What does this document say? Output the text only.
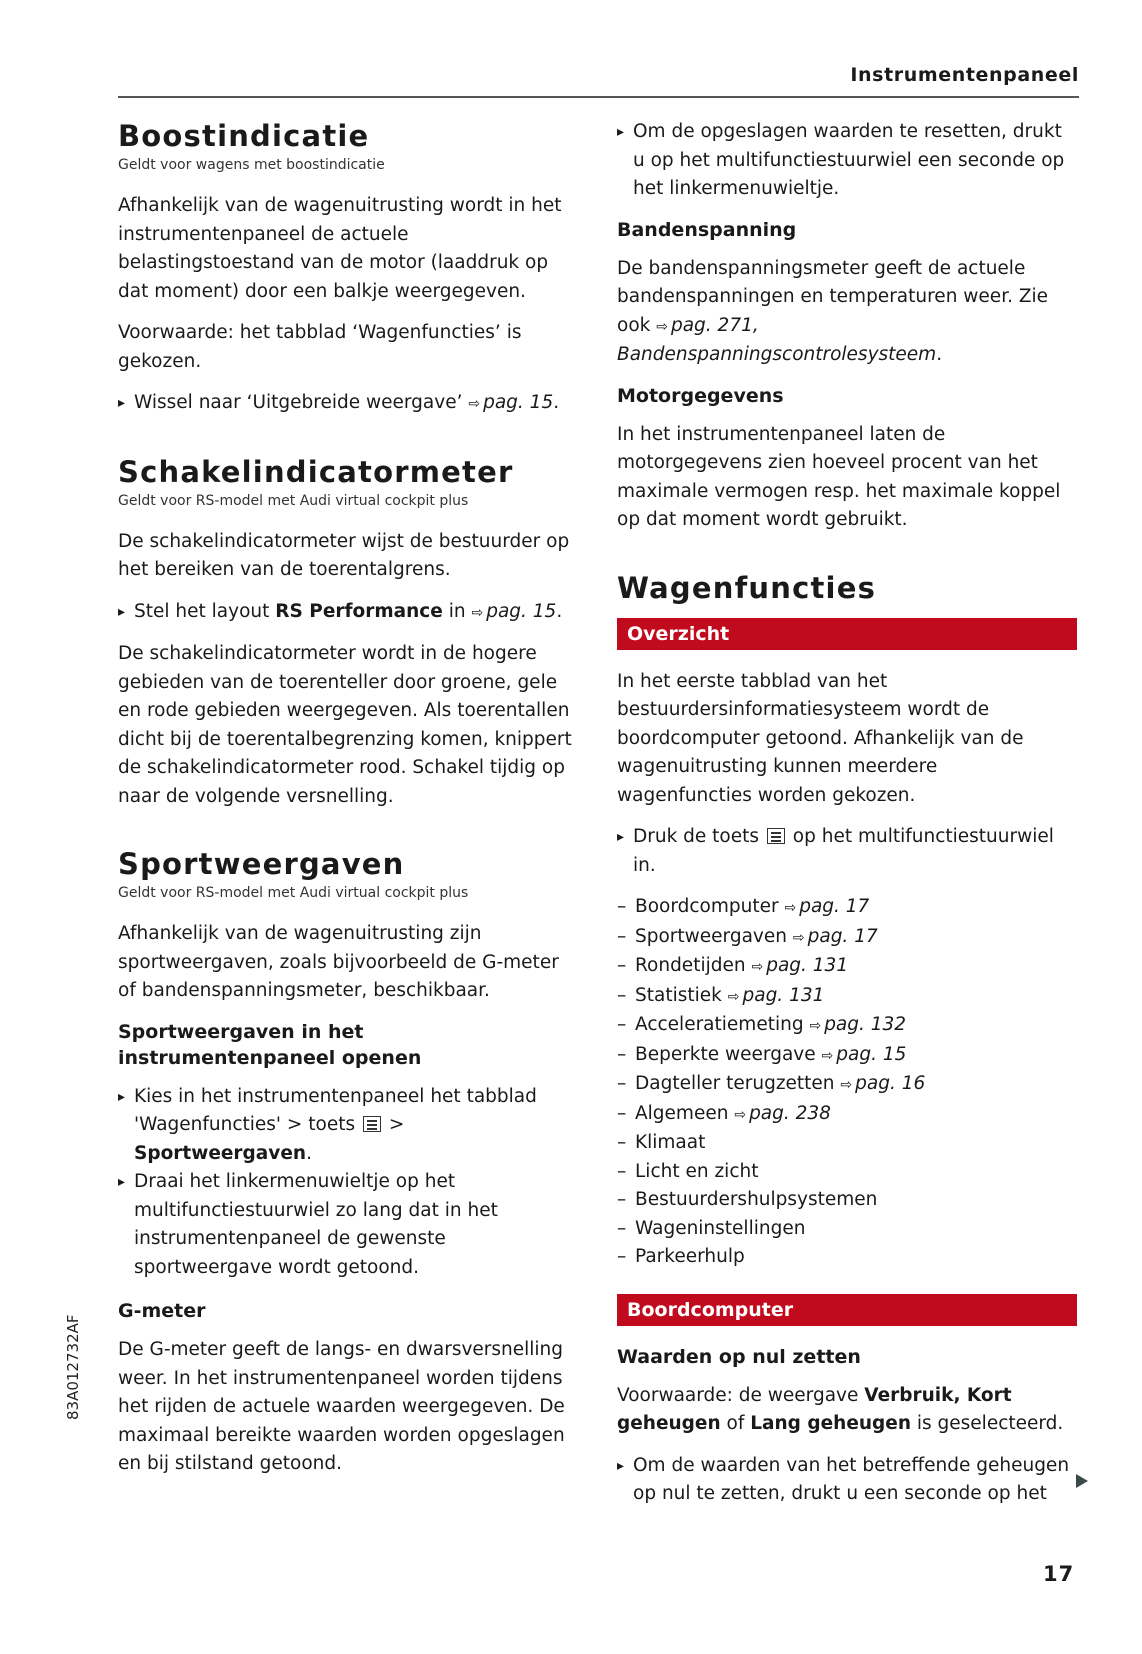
Instrumentenpaneel
Boostindicatie
Geldt voor wagens met boostindicatie

Afhankelijk van de wagenuitrusting wordt in het instrumentenpaneel de actuele belastingstoestand van de motor (laaddruk op dat moment) door een balkje weergegeven.

Voorwaarde: het tabblad ‘Wagenfuncties’ is gekozen.

▸ Wissel naar ‘Uitgebreide weergave’ ⇨ pag. 15.
Schakelindicatormeter
Geldt voor RS-model met Audi virtual cockpit plus

De schakelindicatormeter wijst de bestuurder op het bereiken van de toerentalgrens.

▸ Stel het layout RS Performance in ⇨ pag. 15.

De schakelindicatormeter wordt in de hogere gebieden van de toerenteller door groene, gele en rode gebieden weergegeven. Als toerentallen dicht bij de toerentalbegrenzing komen, knippert de schakelindicatormeter rood. Schakel tijdig op naar de volgende versnelling.

Sportweergaven
Geldt voor RS-model met Audi virtual cockpit plus

Afhankelijk van de wagenuitrusting zijn sportweergaven, zoals bijvoorbeeld de G-meter of bandenspanningsmeter, beschikbaar.

Sportweergaven in het instrumentenpaneel openen
▸ Kies in het instrumentenpaneel het tabblad 'Wagenfuncties' > toets  > Sportweergaven.
▸ Draai het linkermenuwieltje op het multifunctiestuurwiel zo lang dat in het instrumentenpaneel de gewenste sportweergave wordt getoond.
G-meter

De G-meter geeft de langs- en dwarsversnelling weer. In het instrumentenpaneel worden tijdens het rijden de actuele waarden weergegeven. De maximaal bereikte waarden worden opgeslagen en bij stilstand getoond.

▸ Om de opgeslagen waarden te resetten, drukt u op het multifunctiestuurwiel een seconde op het linkermenuwieltje.
Bandenspanning

De bandenspanningsmeter geeft de actuele bandenspanningen en temperaturen weer. Zie ook ⇨ pag. 271, Bandenspanningscontrolesysteem.

Motorgegevens

In het instrumentenpaneel laten de motorgegevens zien hoeveel procent van het maximale vermogen resp. het maximale koppel op dat moment wordt gebruikt.

Wagenfuncties
Overzicht

In het eerste tabblad van het bestuurdersinformatiesysteem wordt de boordcomputer getoond. Afhankelijk van de wagenuitrusting kunnen meerdere wagenfuncties worden gekozen.

▸ Druk de toets  op het multifunctiestuurwiel in.
– Boordcomputer ⇨ pag. 17
– Sportweergaven ⇨ pag. 17
– Rondetijden ⇨ pag. 131
– Statistiek ⇨ pag. 131
– Acceleratiemeting ⇨ pag. 132
– Beperkte weergave ⇨ pag. 15
– Dagteller terugzetten ⇨ pag. 16
– Algemeen ⇨ pag. 238
– Klimaat
– Licht en zicht
– Bestuurdershulpsystemen
– Wageninstellingen
– Parkeerhulp
Boordcomputer
Waarden op nul zetten

Voorwaarde: de weergave Verbruik, Kort geheugen of Lang geheugen is geselecteerd.

▸ Om de waarden van het betreffende geheugen op nul te zetten, drukt u een seconde op het
17
83A012732AF
